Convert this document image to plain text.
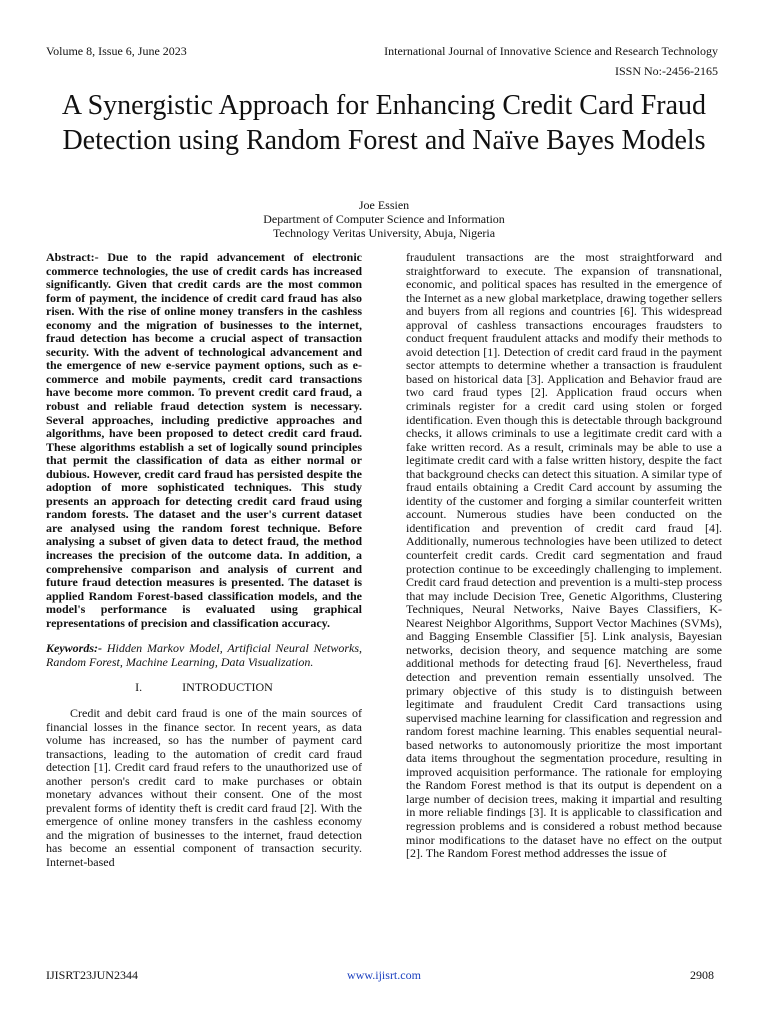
Volume 8, Issue 6, June 2023	International Journal of Innovative Science and Research Technology
ISSN No:-2456-2165
A Synergistic Approach for Enhancing Credit Card Fraud Detection using Random Forest and Naïve Bayes Models
Joe Essien
Department of Computer Science and Information
Technology Veritas University, Abuja, Nigeria

Abstract:- Due to the rapid advancement of electronic commerce technologies, the use of credit cards has increased significantly. Given that credit cards are the most common form of payment, the incidence of credit card fraud has also risen. With the rise of online money transfers in the cashless economy and the migration of businesses to the internet, fraud detection has become a crucial aspect of transaction security. With the advent of technological advancement and the emergence of new e-service payment options, such as e-commerce and mobile payments, credit card transactions have become more common. To prevent credit card fraud, a robust and reliable fraud detection system is necessary. Several approaches, including predictive approaches and algorithms, have been proposed to detect credit card fraud. These algorithms establish a set of logically sound principles that permit the classification of data as either normal or dubious. However, credit card fraud has persisted despite the adoption of more sophisticated techniques. This study presents an approach for detecting credit card fraud using random forests. The dataset and the user's current dataset are analysed using the random forest technique. Before analysing a subset of given data to detect fraud, the method increases the precision of the outcome data. In addition, a comprehensive comparison and analysis of current and future fraud detection measures is presented. The dataset is applied Random Forest-based classification models, and the model's performance is evaluated using graphical representations of precision and classification accuracy.

Keywords:- Hidden Markov Model, Artificial Neural Networks, Random Forest, Machine Learning, Data Visualization.

I.	INTRODUCTION

Credit and debit card fraud is one of the main sources of financial losses in the finance sector. In recent years, as data volume has increased, so has the number of payment card transactions, leading to the automation of credit card fraud detection [1]. Credit card fraud refers to the unauthorized use of another person's credit card to make purchases or obtain monetary advances without their consent. One of the most prevalent forms of identity theft is credit card fraud [2]. With the emergence of online money transfers in the cashless economy and the migration of businesses to the internet, fraud detection has become an essential component of transaction security. Internet-based

fraudulent transactions are the most straightforward and straightforward to execute. The expansion of transnational, economic, and political spaces has resulted in the emergence of the Internet as a new global marketplace, drawing together sellers and buyers from all regions and countries [6]. This widespread approval of cashless transactions encourages fraudsters to conduct frequent fraudulent attacks and modify their methods to avoid detection [1]. Detection of credit card fraud in the payment sector attempts to determine whether a transaction is fraudulent based on historical data [3]. Application and Behavior fraud are two card fraud types [2]. Application fraud occurs when criminals register for a credit card using stolen or forged identification. Even though this is detectable through background checks, it allows criminals to use a legitimate credit card with a fake written record. As a result, criminals may be able to use a legitimate credit card with a false written history, despite the fact that background checks can detect this situation. A similar type of fraud entails obtaining a Credit Card account by assuming the identity of the customer and forging a similar counterfeit written account. Numerous studies have been conducted on the identification and prevention of credit card fraud [4]. Additionally, numerous technologies have been utilized to detect counterfeit credit cards. Credit card segmentation and fraud protection continue to be exceedingly challenging to implement. Credit card fraud detection and prevention is a multi-step process that may include Decision Tree, Genetic Algorithms, Clustering Techniques, Neural Networks, Naive Bayes Classifiers, K-Nearest Neighbor Algorithms, Support Vector Machines (SVMs), and Bagging Ensemble Classifier [5]. Link analysis, Bayesian networks, decision theory, and sequence matching are some additional methods for detecting fraud [6]. Nevertheless, fraud detection and prevention remain essentially unsolved. The primary objective of this study is to distinguish between legitimate and fraudulent Credit Card transactions using supervised machine learning for classification and regression and random forest machine learning. This enables sequential neural-based networks to autonomously prioritize the most important data items throughout the segmentation procedure, resulting in improved acquisition performance. The rationale for employing the Random Forest method is that its output is dependent on a large number of decision trees, making it impartial and resulting in more reliable findings [3]. It is applicable to classification and regression problems and is considered a robust method because minor modifications to the dataset have no effect on the output [2]. The Random Forest method addresses the issue of

IJISRT23JUN2344	www.ijisrt.com	2908
